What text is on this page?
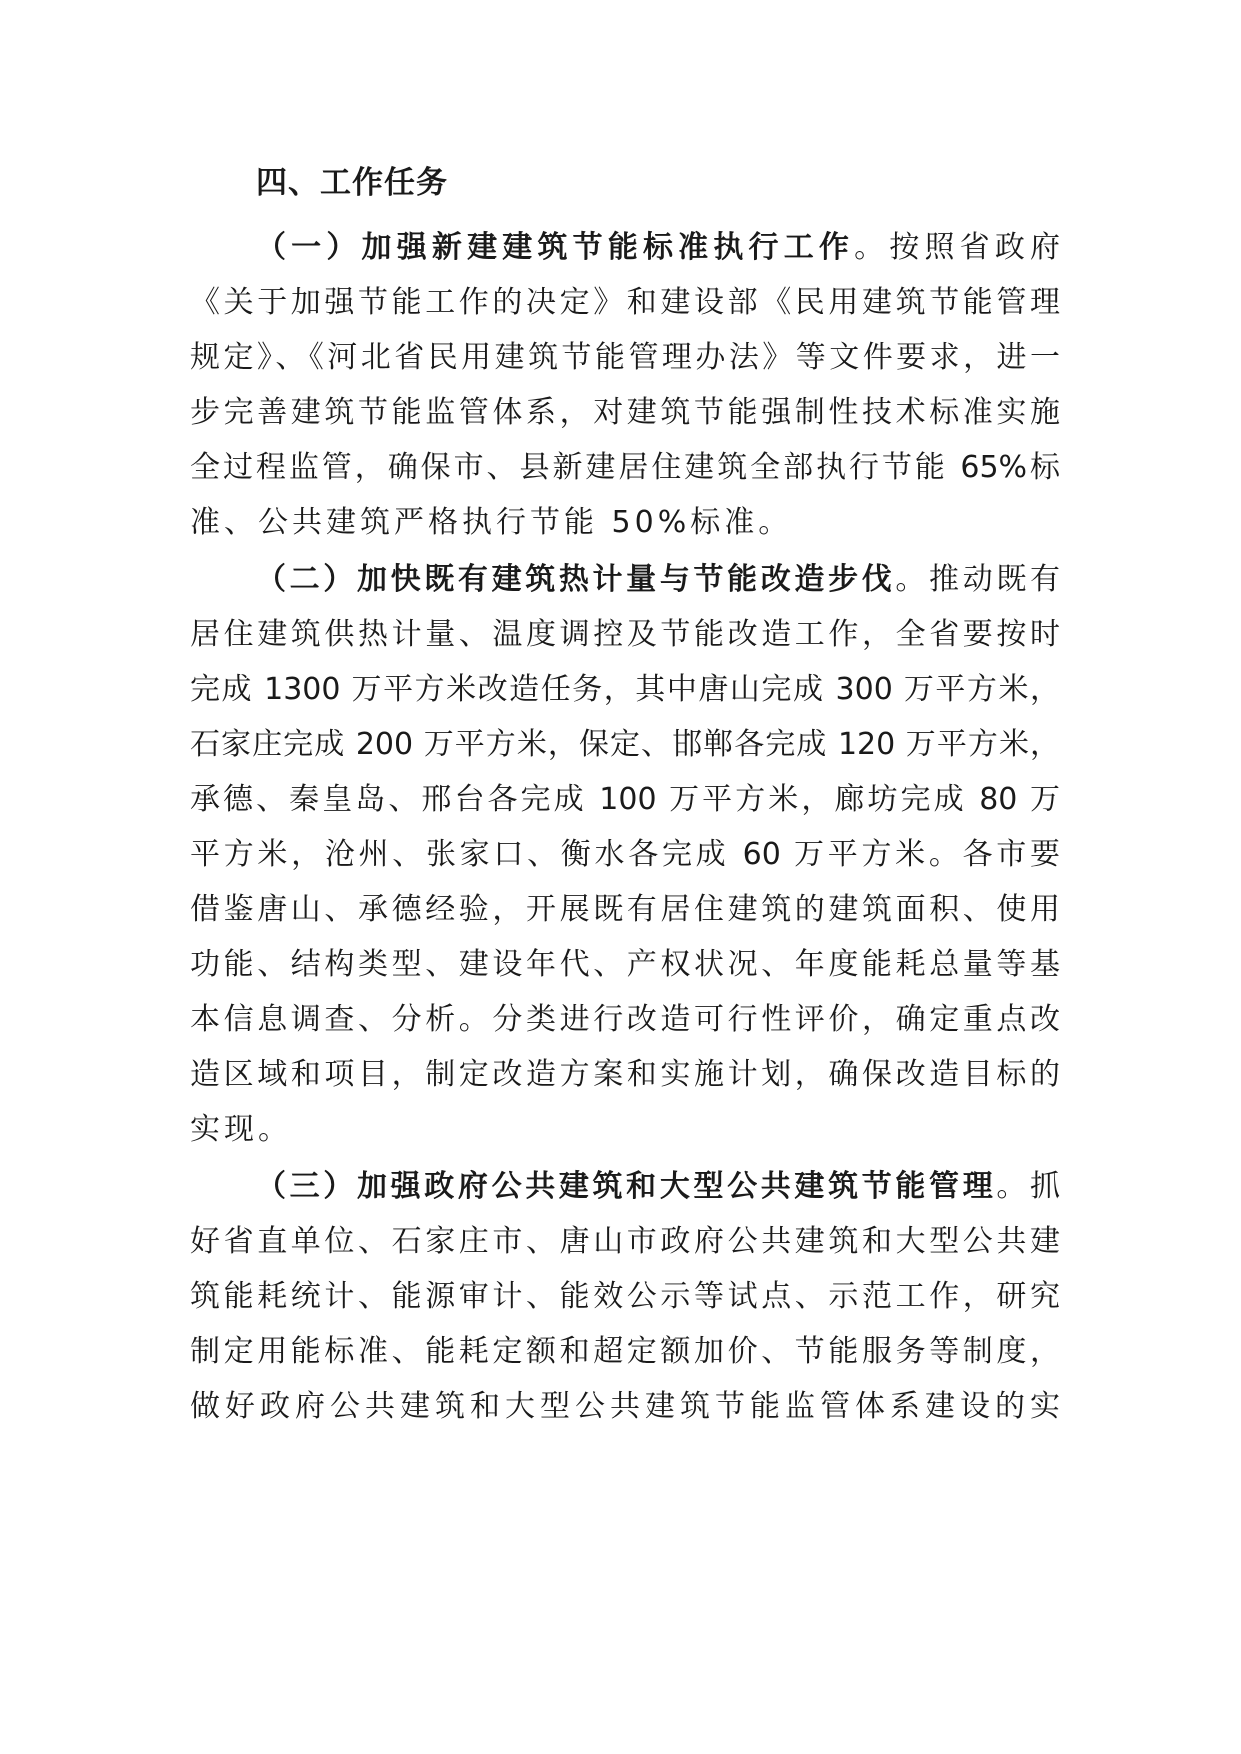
四、工作任务
（一）加强新建建筑节能标准执行工作。按照省政府
《关于加强节能工作的决定》和建设部《民用建筑节能管理
规定》、《河北省民用建筑节能管理办法》等文件要求，进一
步完善建筑节能监管体系，对建筑节能强制性技术标准实施
全过程监管，确保市、县新建居住建筑全部执行节能 65%标
准、公共建筑严格执行节能 50%标准。
（二）加快既有建筑热计量与节能改造步伐。推动既有
居住建筑供热计量、温度调控及节能改造工作，全省要按时
完成 1300 万平方米改造任务，其中唐山完成 300 万平方米，
石家庄完成 200 万平方米，保定、邯郸各完成 120 万平方米，
承德、秦皇岛、邢台各完成 100 万平方米，廊坊完成 80 万
平方米，沧州、张家口、衡水各完成 60 万平方米。各市要
借鉴唐山、承德经验，开展既有居住建筑的建筑面积、使用
功能、结构类型、建设年代、产权状况、年度能耗总量等基
本信息调查、分析。分类进行改造可行性评价，确定重点改
造区域和项目，制定改造方案和实施计划，确保改造目标的
实现。
（三）加强政府公共建筑和大型公共建筑节能管理。抓
好省直单位、石家庄市、唐山市政府公共建筑和大型公共建
筑能耗统计、能源审计、能效公示等试点、示范工作，研究
制定用能标准、能耗定额和超定额加价、节能服务等制度，
做好政府公共建筑和大型公共建筑节能监管体系建设的实
